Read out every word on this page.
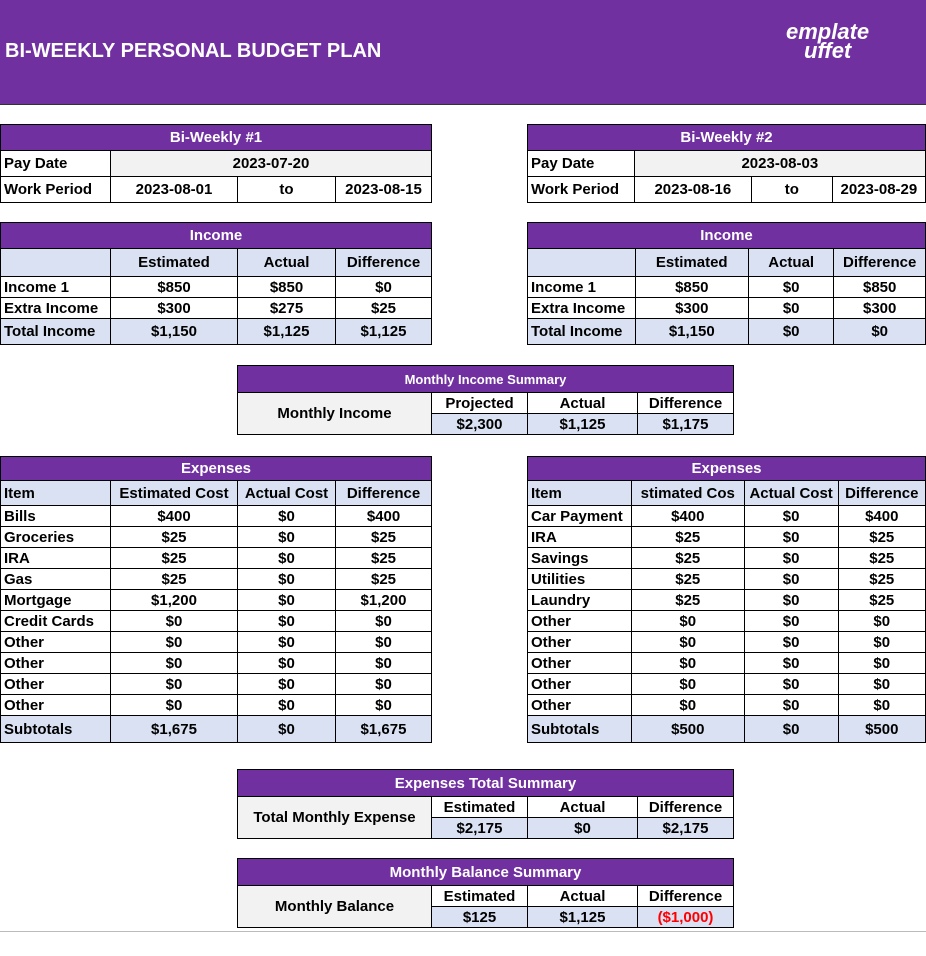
BI-WEEKLY PERSONAL BUDGET PLAN
emplate
uffet
Bi-Weekly #1			
Pay Date	2023-07-20		
Work Period	2023-08-01	to	2023-08-15
Income			
	Estimated	Actual	Difference
Income 1	$850	$850	$0
Extra Income	$300	$275	$25
Total Income	$1,150	$1,125	$1,125
Expenses			
Item	Estimated Cost	Actual Cost	Difference
Bills	$400	$0	$400
Groceries	$25	$0	$25
IRA	$25	$0	$25
Gas	$25	$0	$25
Mortgage	$1,200	$0	$1,200
Credit Cards	$0	$0	$0
Other	$0	$0	$0
Other	$0	$0	$0
Other	$0	$0	$0
Other	$0	$0	$0
Subtotals	$1,675	$0	$1,675
Bi-Weekly #2			
Pay Date	2023-08-03		
Work Period	2023-08-16	to	2023-08-29
Income			
	Estimated	Actual	Difference
Income 1	$850	$0	$850
Extra Income	$300	$0	$300
Total Income	$1,150	$0	$0
Expenses			
Item	stimated Cos	Actual Cost	Difference
Car Payment	$400	$0	$400
IRA	$25	$0	$25
Savings	$25	$0	$25
Utilities	$25	$0	$25
Laundry	$25	$0	$25
Other	$0	$0	$0
Other	$0	$0	$0
Other	$0	$0	$0
Other	$0	$0	$0
Other	$0	$0	$0
Subtotals	$500	$0	$500
Monthly Income Summary			
Monthly Income	Projected	Actual	Difference
	$2,300	$1,125	$1,175
Expenses Total Summary			
Total Monthly Expense	Estimated	Actual	Difference
	$2,175	$0	$2,175
Monthly Balance Summary			
Monthly Balance	Estimated	Actual	Difference
	$125	$1,125	($1,000)
